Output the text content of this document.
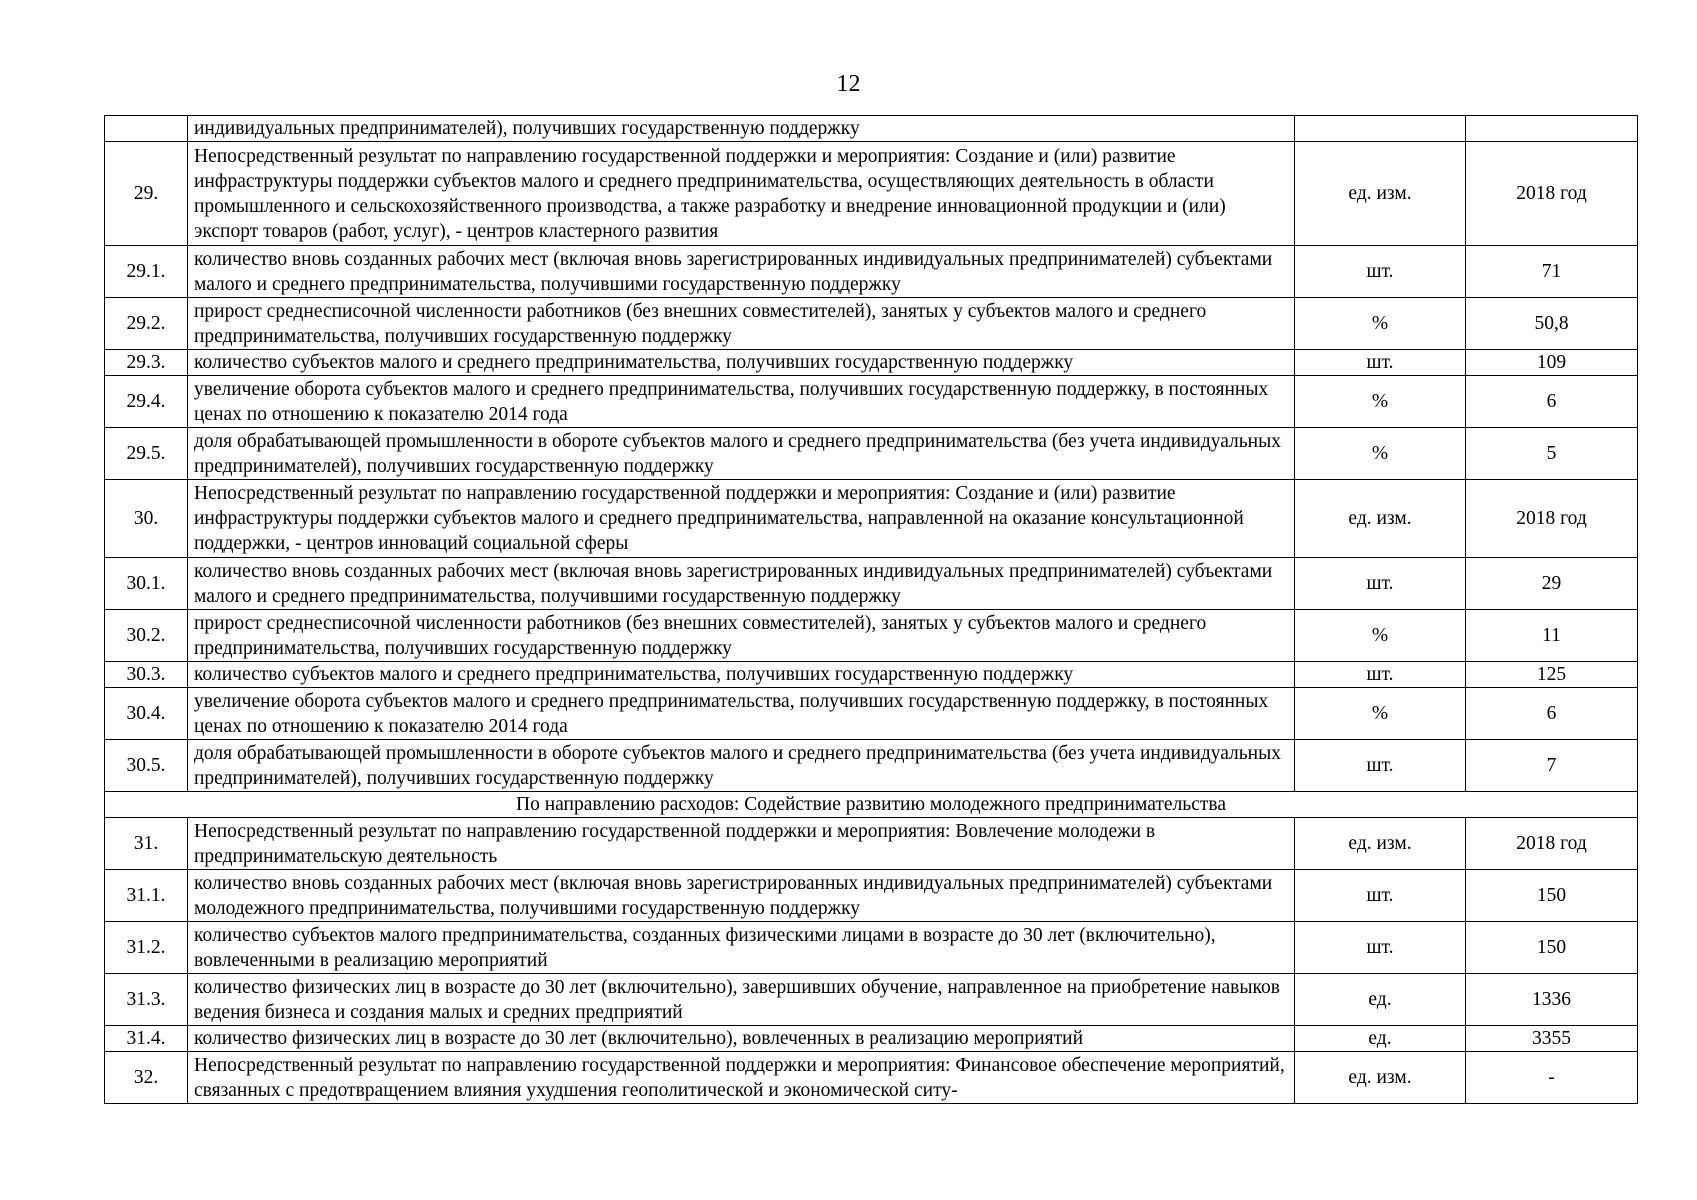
12
	индивидуальных предпринимателей), получивших государственную поддержку		
29.	Непосредственный результат по направлению государственной поддержки и мероприятия: Создание и (или) развитие инфраструктуры поддержки субъектов малого и среднего предпринимательства, осуществляющих деятельность в области промышленного и сельскохозяйственного производства, а также разработку и внедрение инновационной продукции и (или) экспорт товаров (работ, услуг), - центров кластерного развития	ед. изм.	2018 год
29.1.	количество вновь созданных рабочих мест (включая вновь зарегистрированных индивидуальных предпринимателей) субъектами малого и среднего предпринимательства, получившими государственную поддержку	шт.	71
29.2.	прирост среднесписочной численности работников (без внешних совместителей), занятых у субъектов малого и среднего предпринимательства, получивших государственную поддержку	%	50,8
29.3.	количество субъектов малого и среднего предпринимательства, получивших государственную поддержку	шт.	109
29.4.	увеличение оборота субъектов малого и среднего предпринимательства, получивших государственную поддержку, в постоянных ценах по отношению к показателю 2014 года	%	6
29.5.	доля обрабатывающей промышленности в обороте субъектов малого и среднего предпринимательства (без учета индивидуальных предпринимателей), получивших государственную поддержку	%	5
30.	Непосредственный результат по направлению государственной поддержки и мероприятия: Создание и (или) развитие инфраструктуры поддержки субъектов малого и среднего предпринимательства, направленной на оказание консультационной поддержки, - центров инноваций социальной сферы	ед. изм.	2018 год
30.1.	количество вновь созданных рабочих мест (включая вновь зарегистрированных индивидуальных предпринимателей) субъектами малого и среднего предпринимательства, получившими государственную поддержку	шт.	29
30.2.	прирост среднесписочной численности работников (без внешних совместителей), занятых у субъектов малого и среднего предпринимательства, получивших государственную поддержку	%	11
30.3.	количество субъектов малого и среднего предпринимательства, получивших государственную поддержку	шт.	125
30.4.	увеличение оборота субъектов малого и среднего предпринимательства, получивших государственную поддержку, в постоянных ценах по отношению к показателю 2014 года	%	6
30.5.	доля обрабатывающей промышленности в обороте субъектов малого и среднего предпринимательства (без учета индивидуальных предпринимателей), получивших государственную поддержку	шт.	7
По направлению расходов: Содействие развитию молодежного предпринимательства			
31.	Непосредственный результат по направлению государственной поддержки и мероприятия: Вовлечение молодежи в предпринимательскую деятельность	ед. изм.	2018 год
31.1.	количество вновь созданных рабочих мест (включая вновь зарегистрированных индивидуальных предпринимателей) субъектами молодежного предпринимательства, получившими государственную поддержку	шт.	150
31.2.	количество субъектов малого предпринимательства, созданных физическими лицами в возрасте до 30 лет (включительно), вовлеченными в реализацию мероприятий	шт.	150
31.3.	количество физических лиц в возрасте до 30 лет (включительно), завершивших обучение, направленное на приобретение навыков ведения бизнеса и создания малых и средних предприятий	ед.	1336
31.4.	количество физических лиц в возрасте до 30 лет (включительно), вовлеченных в реализацию мероприятий	ед.	3355
32.	Непосредственный результат по направлению государственной поддержки и мероприятия: Финансовое обеспечение мероприятий, связанных с предотвращением влияния ухудшения геополитической и экономической ситу-	ед. изм.	-
